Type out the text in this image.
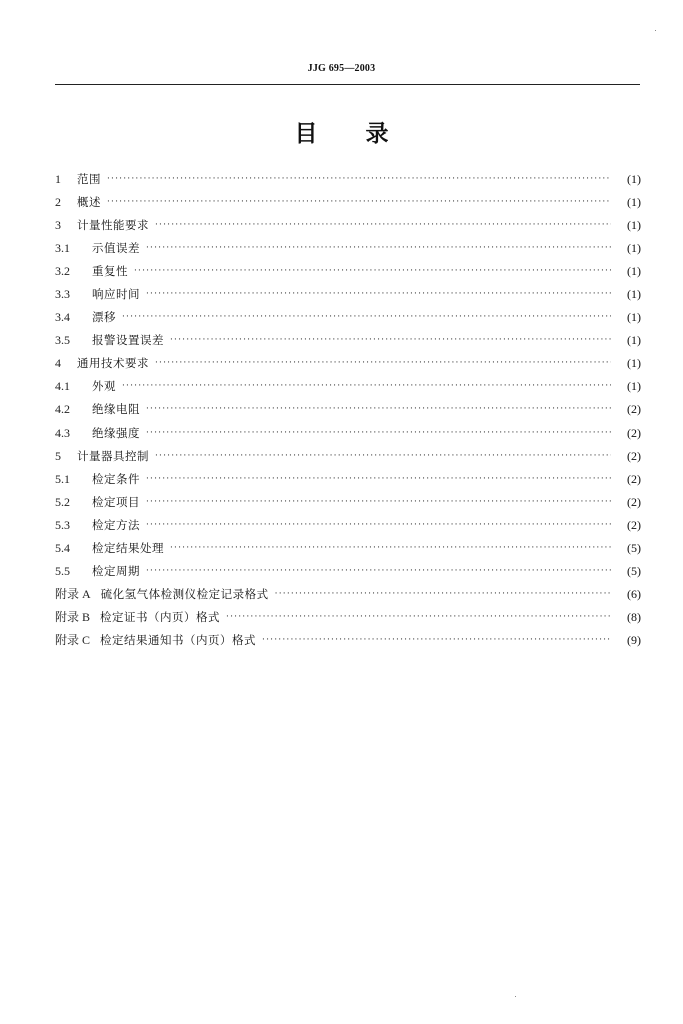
JJG 695—2003
目 录
1	范围 ·····	(1)
2	概述 ·····	(1)
3	计量性能要求 ·····	(1)
3.1	示值误差 ·····	(1)
3.2	重复性 ·····	(1)
3.3	响应时间 ·····	(1)
3.4	漂移 ·····	(1)
3.5	报警设置误差 ·····	(1)
4	通用技术要求 ·····	(1)
4.1	外观 ·····	(1)
4.2	绝缘电阻 ·····	(2)
4.3	绝缘强度 ·····	(2)
5	计量器具控制 ·····	(2)
5.1	检定条件 ·····	(2)
5.2	检定项目 ·····	(2)
5.3	检定方法 ·····	(2)
5.4	检定结果处理 ·····	(5)
5.5	检定周期 ·····	(5)
附录 A 硫化氢气体检测仪检定记录格式 ·····	(6)
附录 B 检定证书（内页）格式 ·····	(8)
附录 C 检定结果通知书（内页）格式 ·····	(9)
